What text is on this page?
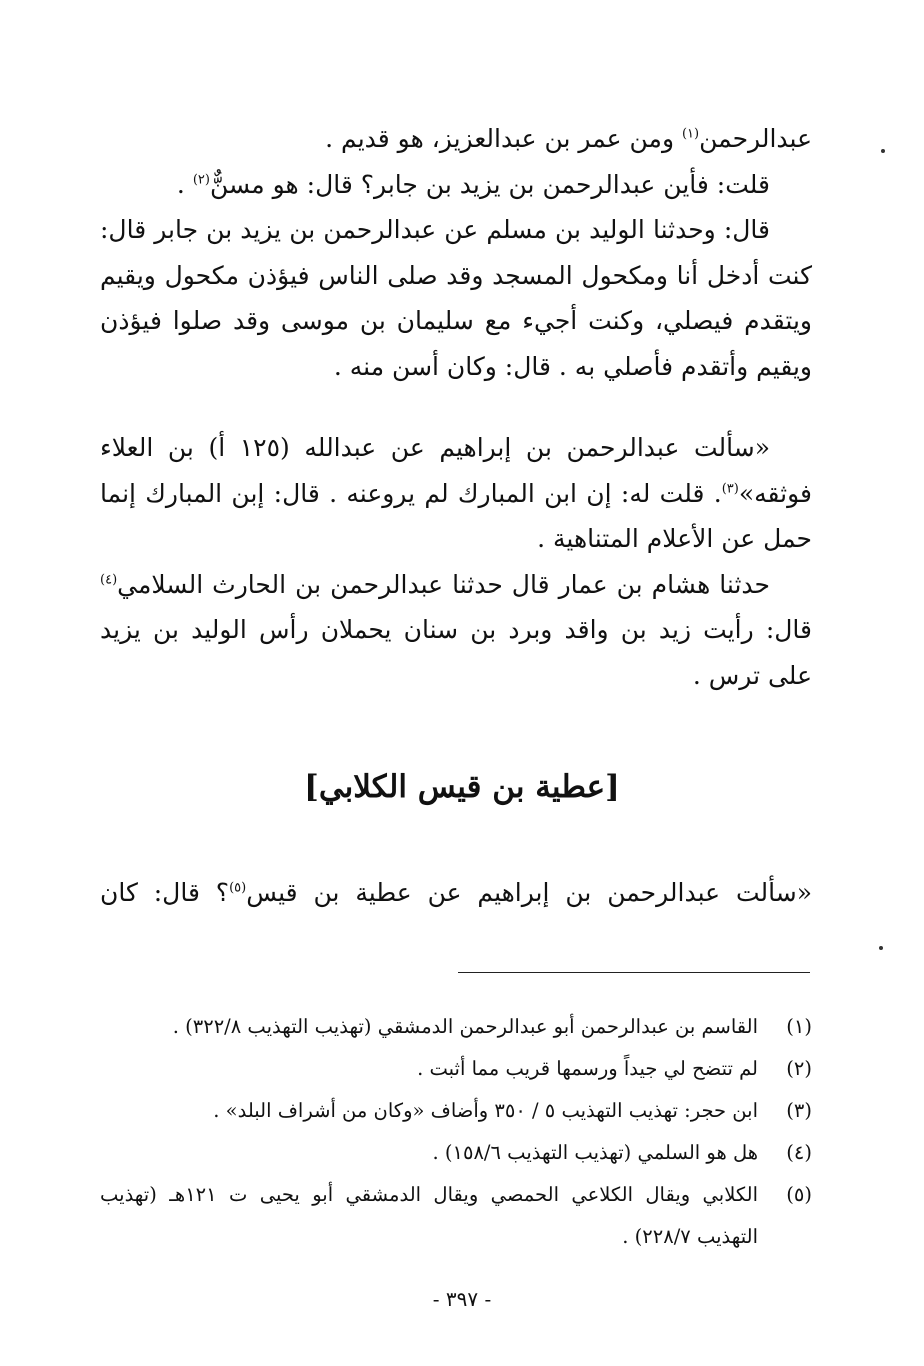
عبدالرحمن$^{(١)}$ ومن عمر بن عبدالعزيز، هو قديم .

قلت: فأين عبدالرحمن بن يزيد بن جابر؟ قال: هو مسنٌّ$^{(٢)}$ .

قال: وحدثنا الوليد بن مسلم عن عبدالرحمن بن يزيد بن جابر قال: كنت أدخل أنا ومكحول المسجد وقد صلى الناس فيؤذن مكحول ويقيم ويتقدم فيصلي، وكنت أجيء مع سليمان بن موسى وقد صلوا فيؤذن ويقيم وأتقدم فأصلي به . قال: وكان أسن منه .

«سألت عبدالرحمن بن إبراهيم عن عبدالله (١٢٥ أ) بن العلاء فوثقه»$^{(٣)}$. قلت له: إن ابن المبارك لم يروعنه . قال: إبن المبارك إنما حمل عن الأعلام المتناهية .

حدثنا هشام بن عمار قال حدثنا عبدالرحمن بن الحارث السلامي$^{(٤)}$ قال: رأيت زيد بن واقد وبرد بن سنان يحملان رأس الوليد بن يزيد على ترس .

[عطية بن قيس الكلابي]
«سألت عبدالرحمن بن إبراهيم عن عطية بن قيس$^{(٥)}$؟ قال: كان
(١)
القاسم بن عبدالرحمن أبو عبدالرحمن الدمشقي (تهذيب التهذيب ٣٢٢/٨) .
(٢)
لم تتضح لي جيداً ورسمها قريب مما أثبت .
(٣)
ابن حجر: تهذيب التهذيب ٥ / ٣٥٠ وأضاف «وكان من أشراف البلد» .
(٤)
هل هو السلمي (تهذيب التهذيب ١٥٨/٦) .
(٥)
الكلابي ويقال الكلاعي الحمصي ويقال الدمشقي أبو يحيى ت ١٢١هـ (تهذيب التهذيب ٢٢٨/٧) .
- ٣٩٧ -
